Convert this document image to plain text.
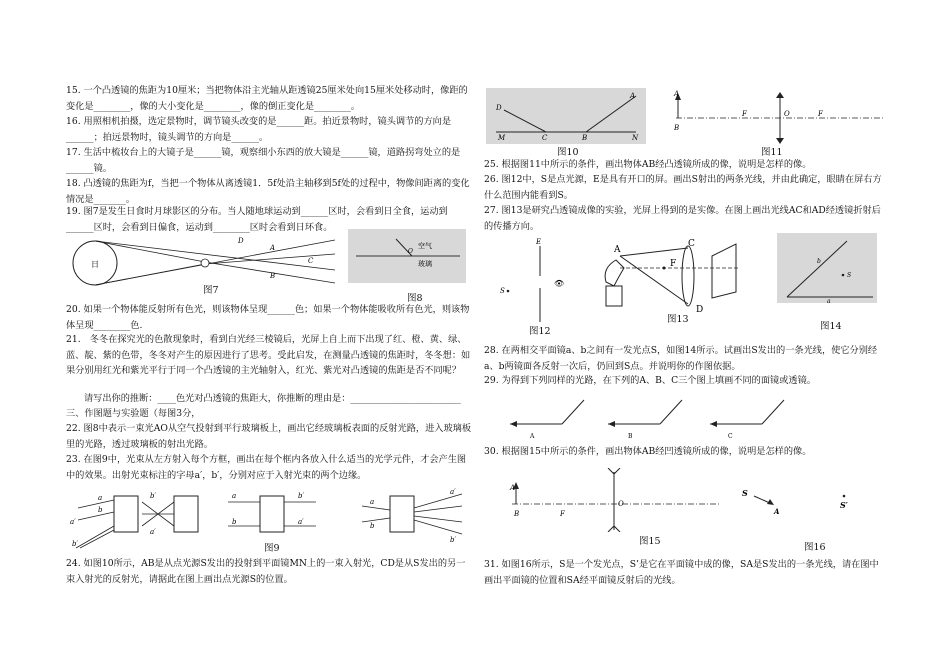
15. 一个凸透镜的焦距为10厘米；当把物体沿主光轴从距透镜25厘米处向15厘米处移动时，像距的变化是________，像的大小变化是________，像的倒正变化是________。
16. 用照相机拍摄，选定景物时，调节镜头改变的是______距。拍近景物时，镜头调节的方向是______；拍远景物时，镜头调节的方向是______。
17. 生活中梳妆台上的大镜子是______镜，观察细小东西的放大镜是______镜，道路拐弯处立的是______镜。
18. 凸透镜的焦距为f，当把一个物体从离透镜1．5f处沿主轴移到5f处的过程中，物像间距离的变化情况是_______。
19. 图7是发生日食时月球影区的分布。当人随地球运动到______区时，会看到日全食，运动到______区时，会看到日偏食，运动到________区时会看到日环食。
日
D
A
C
B
图7
空气
玻璃
O
图8
20. 如果一个物体能反射所有色光，则该物体呈现______色；如果一个物体能吸收所有色光，则该物体呈现________色.
21.　冬冬在探究光的色散现象时，看到白光经三棱镜后，光屏上自上而下出现了红、橙、黄、绿、蓝、靛、紫的色带，冬冬对产生的原因进行了思考。受此启发，在测量凸透镜的焦距时，冬冬想：如果分别用红光和紫光平行于同一个凸透镜的主光轴射入，红光、紫光对凸透镜的焦距是否不同呢？
请写出你的推断：____色光对凸透镜的焦距大，你推断的理由是：________________________
三、作图题与实验题（每图3分，
22. 图8中表示一束光AO从空气投射到平行玻璃板上，画出它经玻璃板表面的反射光路，进入玻璃板里的光路，透过玻璃板的射出光路。
23. 在图9中，光束从左方射入每个方框，画出在每个框内各放入什么适当的光学元件，才会产生图中的效果。出射光束标注的字母a′，b′，分别对应于入射光束的两个边缘。
a
b
a′
b′
b′
a′
a
b
b′
a′
a
b
a′
b′
图9
24. 如图10所示，AB是从点光源S发出的投射到平面镜MN上的一束入射光，CD是从S发出的另一束入射光的反射光，请据此在图上画出点光源S的位置。
D
C
A
B
M	N
图10
A
B
F	O	F
图11
25. 根据图11中所示的条件，画出物体AB经凸透镜所成的像，说明是怎样的像。
26. 图12中，S是点光源，E是具有开口的屏。画出S射出的两条光线，并由此确定，眼睛在屏右方什么范围内能看到S。
27. 图13是研究凸透镜成像的实验，光屏上得到的是实像。在图上画出光线AC和AD经透镜折射后的传播方向。
E
S
👁
图12
A
F
C
D
图13
S
b
a
图14
28. 在两相交平面镜a、b之间有一发光点S，如图14所示。试画出S发出的一条光线，使它分别经a、b两镜面各反射一次后，仍回到S点。并说明你的作图依据。
29. 为得到下列同样的光路，在下列的A、B、C三个图上填画不同的面镜或透镜。
A	B	C
30. 根据图15中所示的条件，画出物体AB经凹透镜所成的像，说明是怎样的像。
A
B	F
O
图15
S
A
S′
图16
31. 如图16所示，S是一个发光点，S’是它在平面镜中成的像，SA是S发出的一条光线，请在图中画出平面镜的位置和SA经平面镜反射后的光线。
